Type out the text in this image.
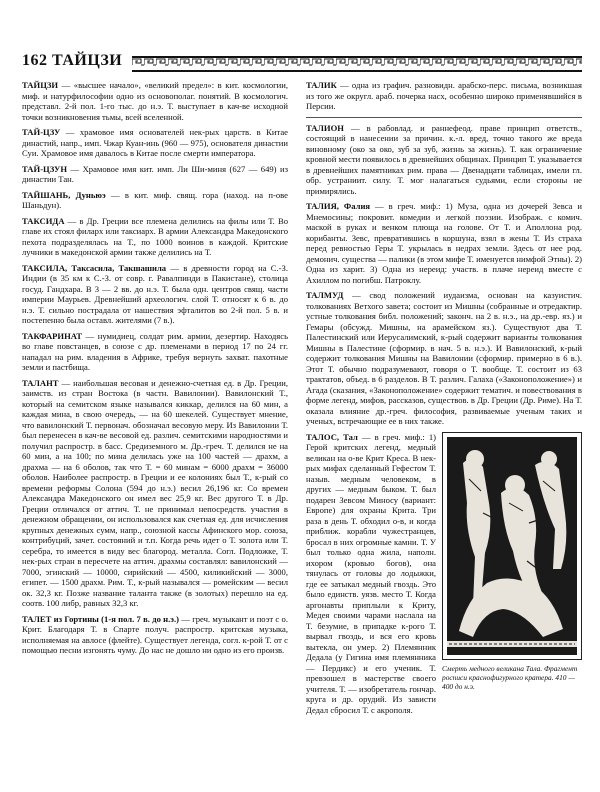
162 ТАЙЦЗИ
ТАЙЦЗИ — «высшее начало», «великий предел»: в кит. космологии, миф. и натурфилософии одно из основополаг. понятий. В космологич. представл. 2-й пол. 1-го тыс. до н.э. Т. выступает в кач-ве исходной точки возникновения тьмы, всей вселенной.
ТАЙ-ЦЗУ — храмовое имя основателей нек-рых царств. в Китае династий, напр., имп. Чжар Куан-инь (960 — 975), основателя династии Суи. Храмовое имя давалось в Китае после смерти императора.
ТАЙ-ЦЗУН — Храмовое имя кит. имп. Ли Ши-миня (627 — 649) из династии Тан.
ТАЙШАНЬ, Дуньюэ — в кит. миф. свящ. гора (наход. на п-ове Шаньдун).
ТАКСИДА — в Др. Греции все племена делились на филы или Т. Во главе их стоял филарх или таксиарх. В армии Александра Македонского пехота подразделялась на Т., по 1000 воинов в каждой. Критские лучники в македонской армии также делились на Т.
ТАКСИЛА, Таксасила, Такшашила — в древности город на С.-З. Индии (в 35 км к С.-З. от совр. г. Равалпинди в Пакистане), столица госуд. Гандхара. В 3 — 2 вв. до н.э. Т. была одн. центров свящ. части империи Маурьев. Древнейший археологич. слой Т. относят к 6 в. до н.э. Т. сильно пострадала от нашествия эфталитов во 2-й пол. 5 в. и постепенно была оставл. жителями (7 в.).
ТАКФАРИНАТ — нумидиец, солдат рим. армии, дезертир. Находясь во главе повстанцев, в союзе с др. племенами в период 17 по 24 гг. нападал на рим. владения в Африке, требуя вернуть захват. пахотные земли и пастбища.
ТАЛАНТ — наибольшая весовая и денежно-счетная ед. в Др. Греции, заимств. из стран Востока (в частн. Вавилонии). Вавилонский Т., который на семитском языке назывался киккар, делился на 60 мин, а каждая мина, в свою очередь, — на 60 шекелей. Существует мнение, что вавилонский Т. первонач. обозначал весовую меру. Из Вавилонии Т. был перенесен в кач-ве весовой ед. различ. семитскими народностями и получил распростр. в басс. Средиземного м. Др.-греч. Т. делился не на 60 мин, а на 100; по мина делилась уже на 100 частей — драхм, а драхма — на 6 оболов, так что Т. = 60 минам = 6000 драхм = 36000 оболов. Наиболее распростр. в Греции и ее колониях был Т., к-рый со времени реформы Солона (594 до н.э.) весил 26,196 кг. Со времен Александра Македонского он имел вес 25,9 кг. Вес другого Т. в Др. Греции отличался от аттич. Т. не принимал непосредств. участия в денежном обращении, он использовался как счетная ед. для исчисления крупных денежных сумм, напр., союзной кассы Афинского мор. союза, контрибуций, зачет. состояний и т.п. Когда речь идет о Т. золота или Т. серебра, то имеется в виду вес благород. металла. Согл. Подложке, Т. нек-рых стран в пересчете на аттич. драхмы составлял: вавилонский — 7000, эгинский — 10000, сирийский — 4500, киликийский — 3000, египет. — 1500 драхм. Рим. Т., к-рый назывался — ромейским — весил ок. 32,3 кг. Позже название таланта также (в золотых) перешло на ед. соотв. 100 либр, равных 32,3 кг.
ТАЛЕТ из Гортины (1-я пол. 7 в. до н.э.) — греч. музыкант и поэт с о. Крит. Благодаря Т. в Спарте получ. распростр. критская музыка, исполняемая на авлосе (флейте). Существует легенда, согл. к-рой Т. от с помощью песни изгонять чуму. До нас не дошло ни одно из его произв.
ТАЛИК — одна из графич. разновидн. арабско-перс. письма, возникшая из того же округл. араб. почерка насх, особенно широко применявшийся в Персии.
ТАЛИОН — в рабовлад. и раннефеод. праве принцип ответств., состоящий в нанесении за причин. к.-л. вред, точно такого же вреда виновному (око за око, зуб за зуб, жизнь за жизнь). Т. как ограничение кровной мести появилось в древнейших общинах. Принцип Т. указывается в древнейших памятниках рим. права — Двенадцати таблицах, имели гл. обр. устраниит. силу. Т. мог налагаться судьями, если стороны не примирялись.
ТАЛИЯ, Фалия — в греч. миф.: 1) Муза, одна из дочерей Зевса и Мнемосины; покровит. комедии и легкой поэзии. Изображ. с комич. маской в руках и венком плюща на голове. От Т. и Аполлона род. корибанты. Зевс, превратившись в коршуна, взял в жены Т. Из страха перед ревностью Геры Т. укрылась в недрах земли. Здесь от нее род. демонич. существа — палики (в этом мифе Т. именуется нимфой Этны). 2) Одна из харит. 3) Одна из нереид: участв. в плаче нереид вместе с Ахиллом по погибш. Патроклу.
ТАЛМУД — свод положений иудаизма, основан на казуистич. толкованиях Ветхого завета; состоит из Мишны (собранные и отредактир. устные толкования библ. положений; законч. на 2 в. н.э., на др.-евр. яз.) и Гемары (обсужд. Мишны, на арамейском яз.). Существуют два Т. Палестинский или Иерусалимский, к-рый содержит варианты толкования Мишны в Палестине (сформир. в нач. 5 в. н.э.). И Вавилонский, к-рый содержит толкования Мишны на Вавилонии (сформир. примерно в 6 в.). Этот Т. обычно подразумевают, говоря о Т. вообще. Т. состоит из 63 трактатов, объед. в 6 разделов. В Т. различ. Галаха («Законоположение») и Агада (сказания, «Законоположение» содержит тематич. и повествования в форме легенд, мифов, рассказов, существов. в Др. Греции (Др. Риме). На Т. оказала влияние др.-греч. философия, развиваемые ученым таких и ученых, встречающие ее в них также.
Смерть медного великана Тала. Фрагмент росписи краснофигурного кратера. 410 — 400 до н.э.
ТАЛОС, Тал — в греч. миф.: 1) Герой критских легенд, медный великан на о-ве Крит Креса. В нек-рых мифах сделанный Гефестом Т. назыв. медным человеком, в других — медным быком. Т. был подарен Зевсом Миносу (вариант: Европе) для охраны Крита. Три раза в день Т. обходил о-в, и когда приближ. корабли чужестранцев, бросал в них огромные камни. Т. У был только одна жила, наполн. ихором (кровью богов), она тянулась от головы до лодыжки, где ее затыкал медный гвоздь. Это было единств. уязв. место Т. Когда аргонавты приплыли к Криту, Медея своими чарами наслала на Т. безумие, в припадке к-рого Т. вырвал гвоздь, и вся его кровь вытекла, он умер. 2) Племянник Дедала (у Гигина имя племянника — Пердикс) и его ученик. Т. превзошел в мастерстве своего учителя. Т. — изобретатель гончар. круга и др. орудий. Из зависти Дедал сбросил Т. с акрополя.
